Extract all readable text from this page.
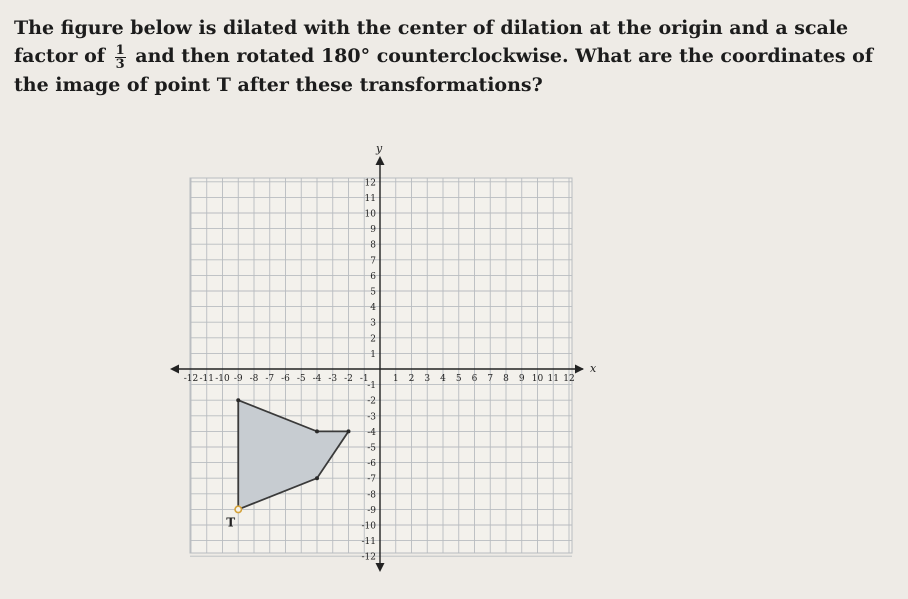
The figure below is dilated with the center of dilation at the origin and a scale factor of $\frac{1}{3}$ and then rotated 180° counterclockwise. What are the coordinates of the image of point T after these transformations?
-12 -11 -10 -9 -8 -7 -6 -5 -4 -3 -2 -1	1 2 3 4 5 6 7 8 9 10 11 12
12
11
10
9
8
7
6
5
4
3
2
1
-1
-2
-3
-4
-5
-6
-7
-8
-9
-10
-11
-12
x
y
T
